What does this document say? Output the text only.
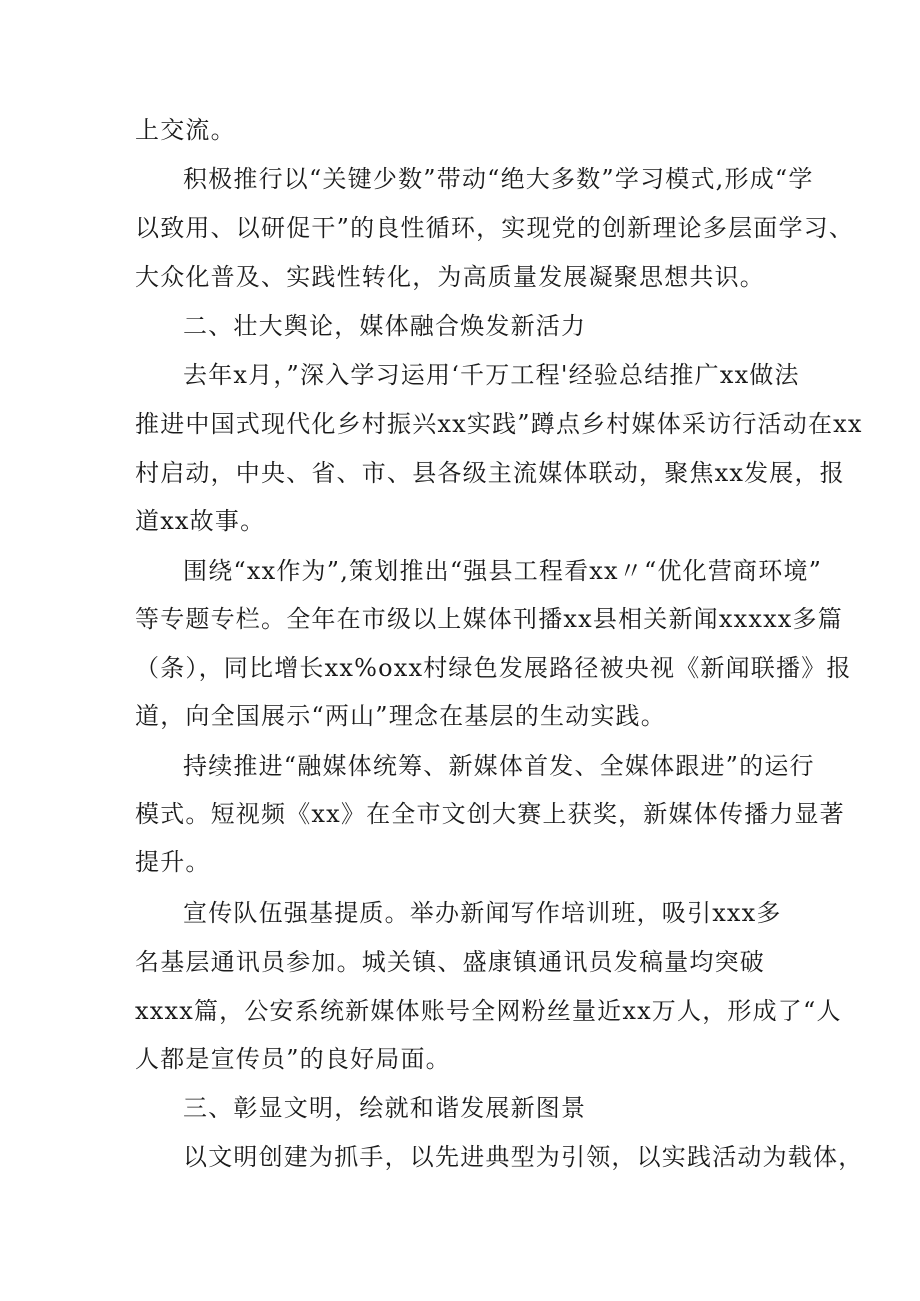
上交流。
积极推行以“关键少数”带动“绝大多数”学习模式,形成“学
以致用、以研促干”的良性循环，实现党的创新理论多层面学习、
大众化普及、实践性转化，为高质量发展凝聚思想共识。
二、壮大舆论，媒体融合焕发新活力
去年x月，”深入学习运用‘千万工程'经验总结推广xx做法
推进中国式现代化乡村振兴xx实践”蹲点乡村媒体采访行活动在xx
村启动，中央、省、市、县各级主流媒体联动，聚焦xx发展，报
道xx故事。
围绕“xx作为”,策划推出“强县工程看xx〃“优化营商环境”
等专题专栏。全年在市级以上媒体刊播xx县相关新闻xxxxx多篇
（条），同比增长xx%oxx村绿色发展路径被央视《新闻联播》报
道，向全国展示“两山”理念在基层的生动实践。
持续推进“融媒体统筹、新媒体首发、全媒体跟进”的运行
模式。短视频《xx》在全市文创大赛上获奖，新媒体传播力显著
提升。
宣传队伍强基提质。举办新闻写作培训班，吸引xxx多
名基层通讯员参加。城关镇、盛康镇通讯员发稿量均突破
xxxx篇，公安系统新媒体账号全网粉丝量近xx万人，形成了“人
人都是宣传员”的良好局面。
三、彰显文明，绘就和谐发展新图景
以文明创建为抓手，以先进典型为引领，以实践活动为载体，
